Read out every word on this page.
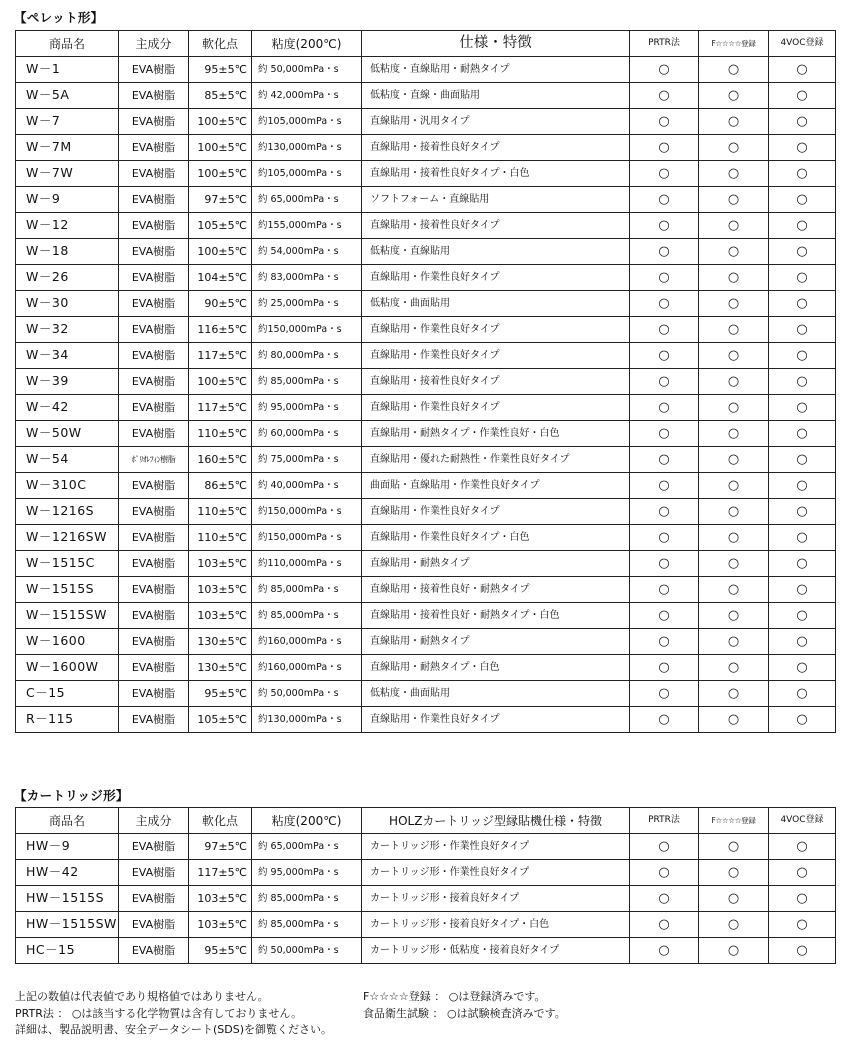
【ペレット形】
商品名	主成分	軟化点	粘度(200℃)	仕様・特徴	PRTR法	F☆☆☆☆登録	4VOC登録
W－1	EVA樹脂	95±5℃	約 50,000mPa・s	低粘度・直線貼用・耐熱タイプ	○	○	○
W－5A	EVA樹脂	85±5℃	約 42,000mPa・s	低粘度・直線・曲面貼用	○	○	○
W－7	EVA樹脂	100±5℃	約105,000mPa・s	直線貼用・汎用タイプ	○	○	○
W－7M	EVA樹脂	100±5℃	約130,000mPa・s	直線貼用・接着性良好タイプ	○	○	○
W－7W	EVA樹脂	100±5℃	約105,000mPa・s	直線貼用・接着性良好タイプ・白色	○	○	○
W－9	EVA樹脂	97±5℃	約 65,000mPa・s	ソフトフォーム・直線貼用	○	○	○
W－12	EVA樹脂	105±5℃	約155,000mPa・s	直線貼用・接着性良好タイプ	○	○	○
W－18	EVA樹脂	100±5℃	約 54,000mPa・s	低粘度・直線貼用	○	○	○
W－26	EVA樹脂	104±5℃	約 83,000mPa・s	直線貼用・作業性良好タイプ	○	○	○
W－30	EVA樹脂	90±5℃	約 25,000mPa・s	低粘度・曲面貼用	○	○	○
W－32	EVA樹脂	116±5℃	約150,000mPa・s	直線貼用・作業性良好タイプ	○	○	○
W－34	EVA樹脂	117±5℃	約 80,000mPa・s	直線貼用・作業性良好タイプ	○	○	○
W－39	EVA樹脂	100±5℃	約 85,000mPa・s	直線貼用・接着性良好タイプ	○	○	○
W－42	EVA樹脂	117±5℃	約 95,000mPa・s	直線貼用・作業性良好タイプ	○	○	○
W－50W	EVA樹脂	110±5℃	約 60,000mPa・s	直線貼用・耐熱タイプ・作業性良好・白色	○	○	○
W－54	ﾎﾟﾘｵﾚﾌｨﾝ樹脂	160±5℃	約 75,000mPa・s	直線貼用・優れた耐熱性・作業性良好タイプ	○	○	○
W－310C	EVA樹脂	86±5℃	約 40,000mPa・s	曲面貼・直線貼用・作業性良好タイプ	○	○	○
W－1216S	EVA樹脂	110±5℃	約150,000mPa・s	直線貼用・作業性良好タイプ	○	○	○
W－1216SW	EVA樹脂	110±5℃	約150,000mPa・s	直線貼用・作業性良好タイプ・白色	○	○	○
W－1515C	EVA樹脂	103±5℃	約110,000mPa・s	直線貼用・耐熱タイプ	○	○	○
W－1515S	EVA樹脂	103±5℃	約 85,000mPa・s	直線貼用・接着性良好・耐熱タイプ	○	○	○
W－1515SW	EVA樹脂	103±5℃	約 85,000mPa・s	直線貼用・接着性良好・耐熱タイプ・白色	○	○	○
W－1600	EVA樹脂	130±5℃	約160,000mPa・s	直線貼用・耐熱タイプ	○	○	○
W－1600W	EVA樹脂	130±5℃	約160,000mPa・s	直線貼用・耐熱タイプ・白色	○	○	○
C－15	EVA樹脂	95±5℃	約 50,000mPa・s	低粘度・曲面貼用	○	○	○
R－115	EVA樹脂	105±5℃	約130,000mPa・s	直線貼用・作業性良好タイプ	○	○	○
【カートリッジ形】
商品名	主成分	軟化点	粘度(200℃)	HOLZカートリッジ型縁貼機仕様・特徴	PRTR法	F☆☆☆☆登録	4VOC登録
HW－9	EVA樹脂	97±5℃	約 65,000mPa・s	カートリッジ形・作業性良好タイプ	○	○	○
HW－42	EVA樹脂	117±5℃	約 95,000mPa・s	カートリッジ形・作業性良好タイプ	○	○	○
HW－1515S	EVA樹脂	103±5℃	約 85,000mPa・s	カートリッジ形・接着良好タイプ	○	○	○
HW－1515SW	EVA樹脂	103±5℃	約 85,000mPa・s	カートリッジ形・接着良好タイプ・白色	○	○	○
HC－15	EVA樹脂	95±5℃	約 50,000mPa・s	カートリッジ形・低粘度・接着良好タイプ	○	○	○
上記の数値は代表値であり規格値ではありません。	F☆☆☆☆登録 ： ○は登録済みです。
PRTR法 ： ○は該当する化学物質は含有しておりません。	食品衛生試験 ： ○は試験検査済みです。
詳細は、製品説明書、安全データシート(SDS)を御覧ください。
